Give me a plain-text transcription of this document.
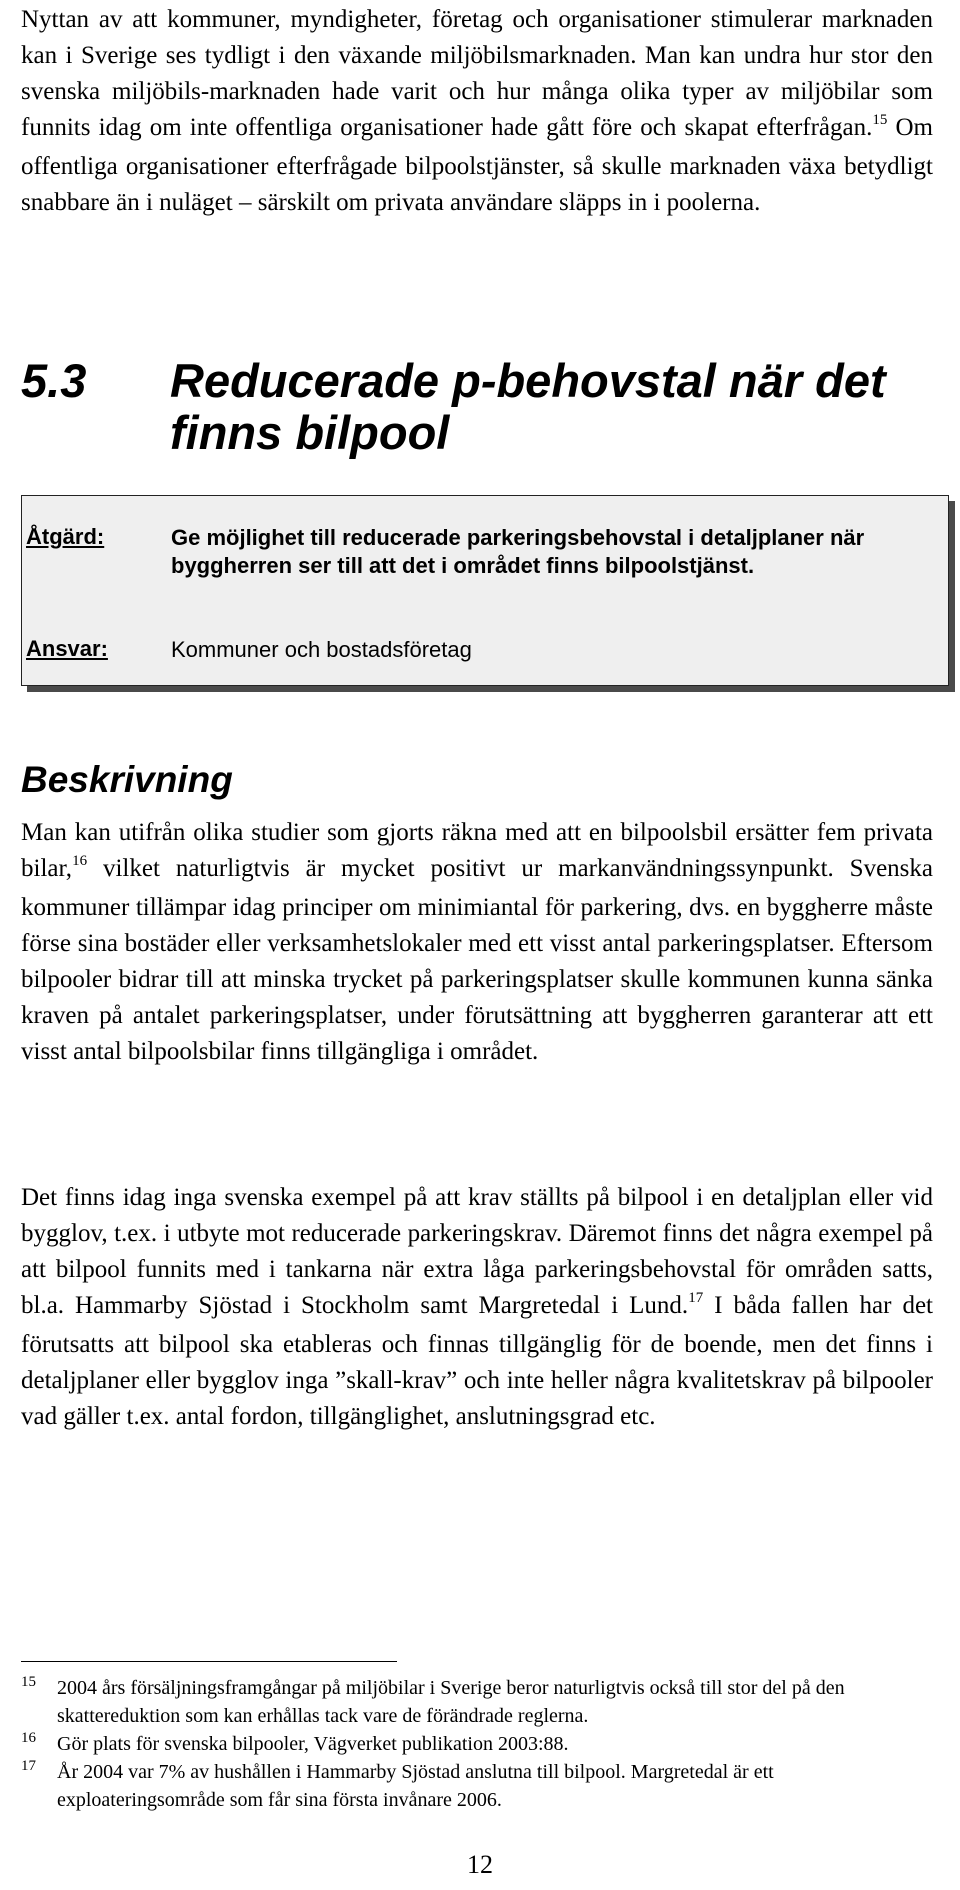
Nyttan av att kommuner, myndigheter, företag och organisationer stimulerar marknaden kan i Sverige ses tydligt i den växande miljöbilsmarknaden. Man kan undra hur stor den svenska miljöbils-marknaden hade varit och hur många olika typer av miljöbilar som funnits idag om inte offentliga organisationer hade gått före och skapat efterfrågan.$^{15}$ Om offentliga organisationer efterfrågade bilpoolstjänster, så skulle marknaden växa betydligt snabbare än i nuläget – särskilt om privata användare släpps in i poolerna.

5.3 Reducerade p-behovstal när det finns bilpool
Åtgärd:	Ge möjlighet till reducerade parkeringsbehovstal i detaljplaner när byggherren ser till att det i området finns bilpoolstjänst.
Ansvar:	Kommuner och bostadsföretag
Beskrivning

Man kan utifrån olika studier som gjorts räkna med att en bilpoolsbil ersätter fem privata bilar,$^{16}$ vilket naturligtvis är mycket positivt ur markanvändningssynpunkt. Svenska kommuner tillämpar idag principer om minimiantal för parkering, dvs. en byggherre måste förse sina bostäder eller verksamhetslokaler med ett visst antal parkeringsplatser. Eftersom bilpooler bidrar till att minska trycket på parkeringsplatser skulle kommunen kunna sänka kraven på antalet parkeringsplatser, under förutsättning att byggherren garanterar att ett visst antal bilpoolsbilar finns tillgängliga i området.

Det finns idag inga svenska exempel på att krav ställts på bilpool i en detaljplan eller vid bygglov, t.ex. i utbyte mot reducerade parkeringskrav. Däremot finns det några exempel på att bilpool funnits med i tankarna när extra låga parkeringsbehovstal för områden satts, bl.a. Hammarby Sjöstad i Stockholm samt Margretedal i Lund.$^{17}$ I båda fallen har det förutsatts att bilpool ska etableras och finnas tillgänglig för de boende, men det finns i detaljplaner eller bygglov inga ”skall-krav” och inte heller några kvalitetskrav på bilpooler vad gäller t.ex. antal fordon, tillgänglighet, anslutningsgrad etc.

15 2004 års försäljningsframgångar på miljöbilar i Sverige beror naturligtvis också till stor del på den skattereduktion som kan erhållas tack vare de förändrade reglerna.
16 Gör plats för svenska bilpooler, Vägverket publikation 2003:88.
17 År 2004 var 7% av hushållen i Hammarby Sjöstad anslutna till bilpool. Margretedal är ett exploateringsområde som får sina första invånare 2006.
12
